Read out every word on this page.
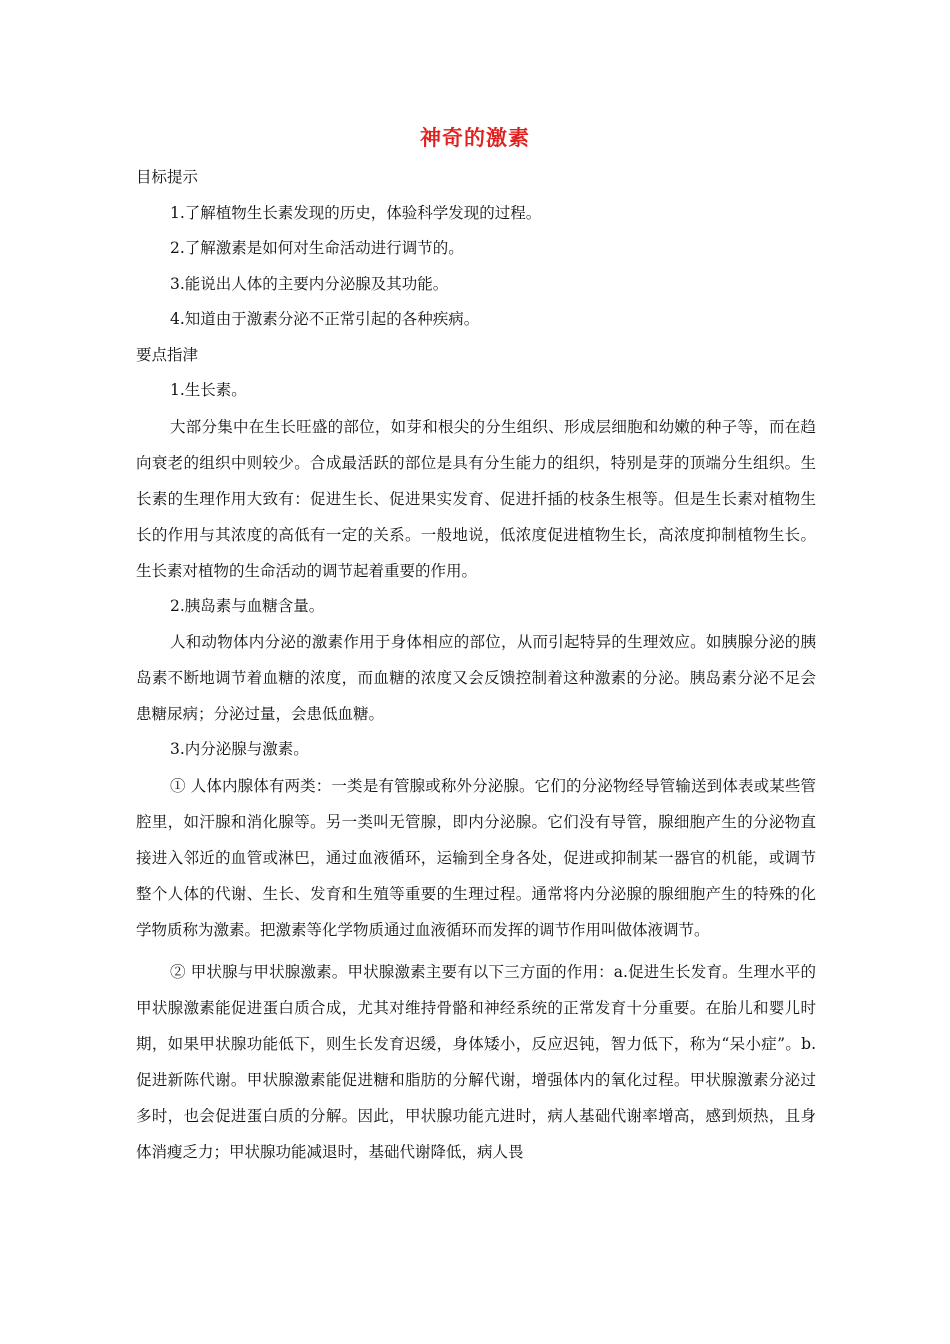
神奇的激素
目标提示
1.了解植物生长素发现的历史，体验科学发现的过程。
2.了解激素是如何对生命活动进行调节的。
3.能说出人体的主要内分泌腺及其功能。
4.知道由于激素分泌不正常引起的各种疾病。
要点指津
1.生长素。

大部分集中在生长旺盛的部位，如芽和根尖的分生组织、形成层细胞和幼嫩的种子等，而在趋向衰老的组织中则较少。合成最活跃的部位是具有分生能力的组织，特别是芽的顶端分生组织。生长素的生理作用大致有：促进生长、促进果实发育、促进扦插的枝条生根等。但是生长素对植物生长的作用与其浓度的高低有一定的关系。一般地说，低浓度促进植物生长，高浓度抑制植物生长。生长素对植物的生命活动的调节起着重要的作用。

2.胰岛素与血糖含量。

人和动物体内分泌的激素作用于身体相应的部位，从而引起特异的生理效应。如胰腺分泌的胰岛素不断地调节着血糖的浓度，而血糖的浓度又会反馈控制着这种激素的分泌。胰岛素分泌不足会患糖尿病；分泌过量，会患低血糖。

3.内分泌腺与激素。

① 人体内腺体有两类：一类是有管腺或称外分泌腺。它们的分泌物经导管输送到体表或某些管腔里，如汗腺和消化腺等。另一类叫无管腺，即内分泌腺。它们没有导管，腺细胞产生的分泌物直接进入邻近的血管或淋巴，通过血液循环，运输到全身各处，促进或抑制某一器官的机能，或调节整个人体的代谢、生长、发育和生殖等重要的生理过程。通常将内分泌腺的腺细胞产生的特殊的化学物质称为激素。把激素等化学物质通过血液循环而发挥的调节作用叫做体液调节。

② 甲状腺与甲状腺激素。甲状腺激素主要有以下三方面的作用：a.促进生长发育。生理水平的甲状腺激素能促进蛋白质合成，尤其对维持骨骼和神经系统的正常发育十分重要。在胎儿和婴儿时期，如果甲状腺功能低下，则生长发育迟缓，身体矮小，反应迟钝，智力低下，称为“呆小症”。b.促进新陈代谢。甲状腺激素能促进糖和脂肪的分解代谢，增强体内的氧化过程。甲状腺激素分泌过多时，也会促进蛋白质的分解。因此，甲状腺功能亢进时，病人基础代谢率增高，感到烦热，且身体消瘦乏力；甲状腺功能减退时，基础代谢降低，病人畏
